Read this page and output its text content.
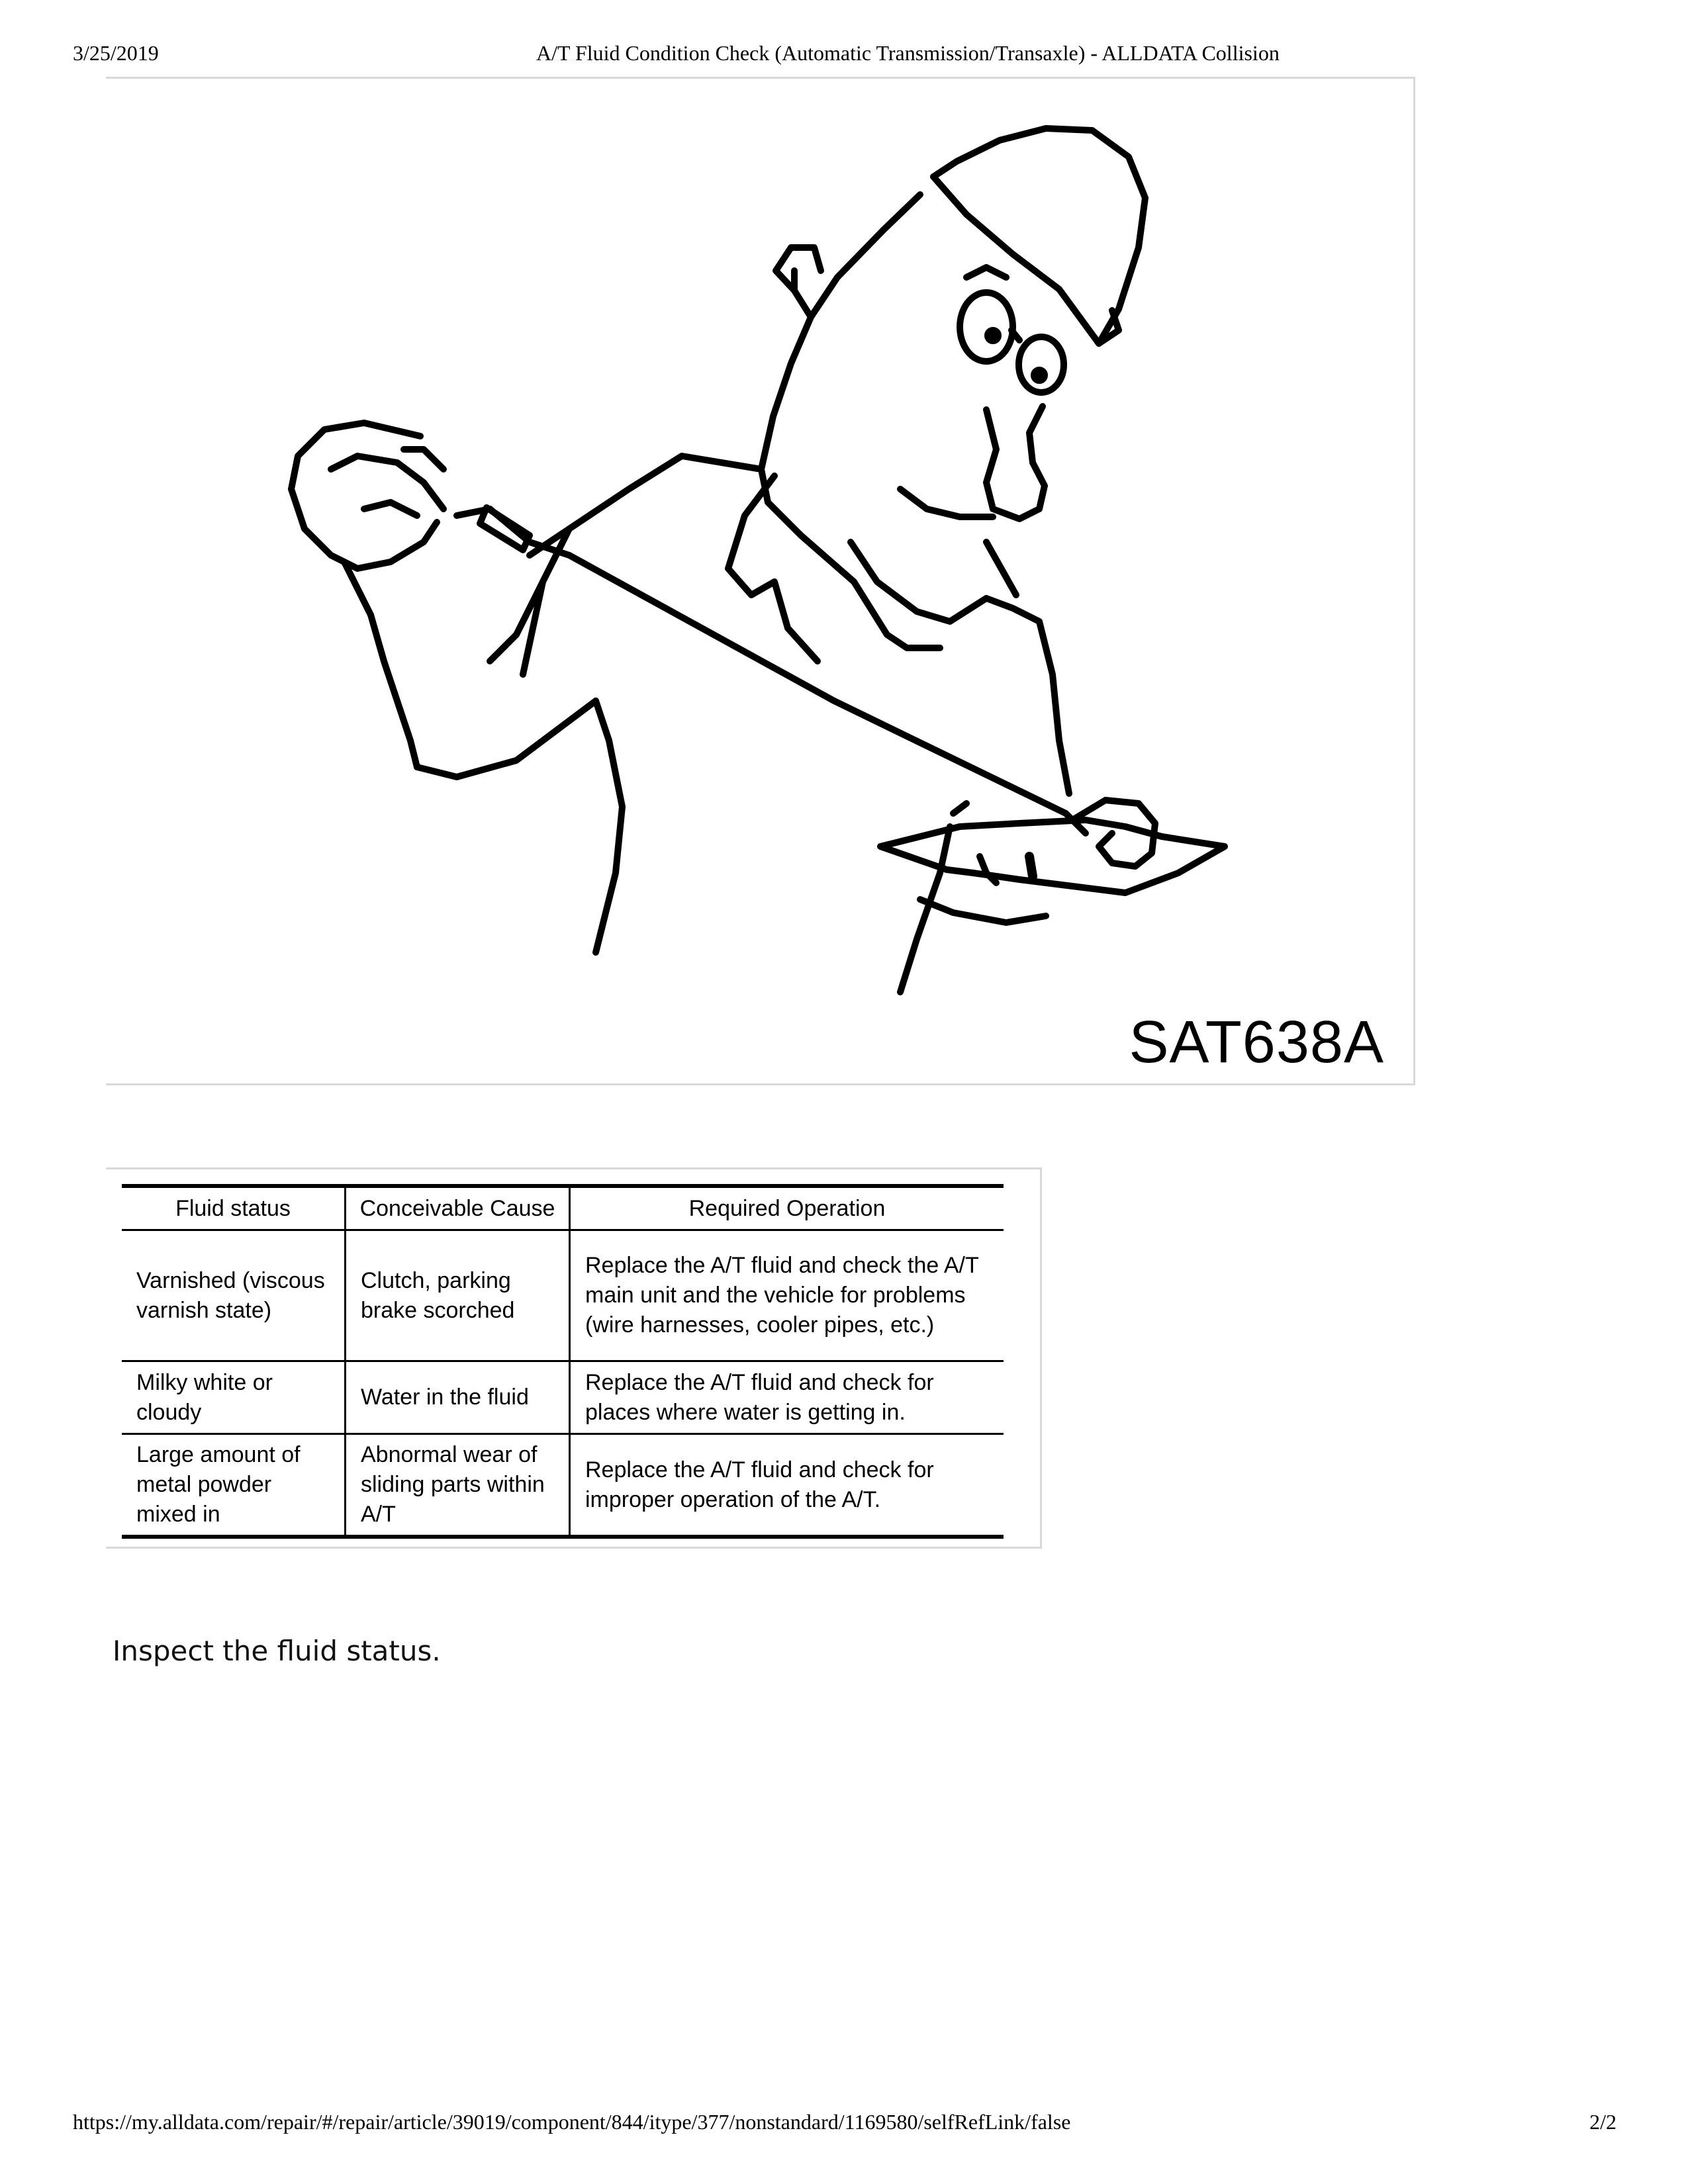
3/25/2019	A/T Fluid Condition Check (Automatic Transmission/Transaxle) - ALLDATA Collision
SAT638A
Fluid status	Conceivable Cause	Required Operation
Varnished (viscous varnish state)	Clutch, parking brake scorched	Replace the A/T fluid and check the A/T main unit and the vehicle for problems (wire harnesses, cooler pipes, etc.)
Milky white or cloudy	Water in the fluid	Replace the A/T fluid and check for places where water is getting in.
Large amount of metal powder mixed in	Abnormal wear of sliding parts within A/T	Replace the A/T fluid and check for improper operation of the A/T.
Inspect the fluid status.
https://my.alldata.com/repair/#/repair/article/39019/component/844/itype/377/nonstandard/1169580/selfRefLink/false	2/2
